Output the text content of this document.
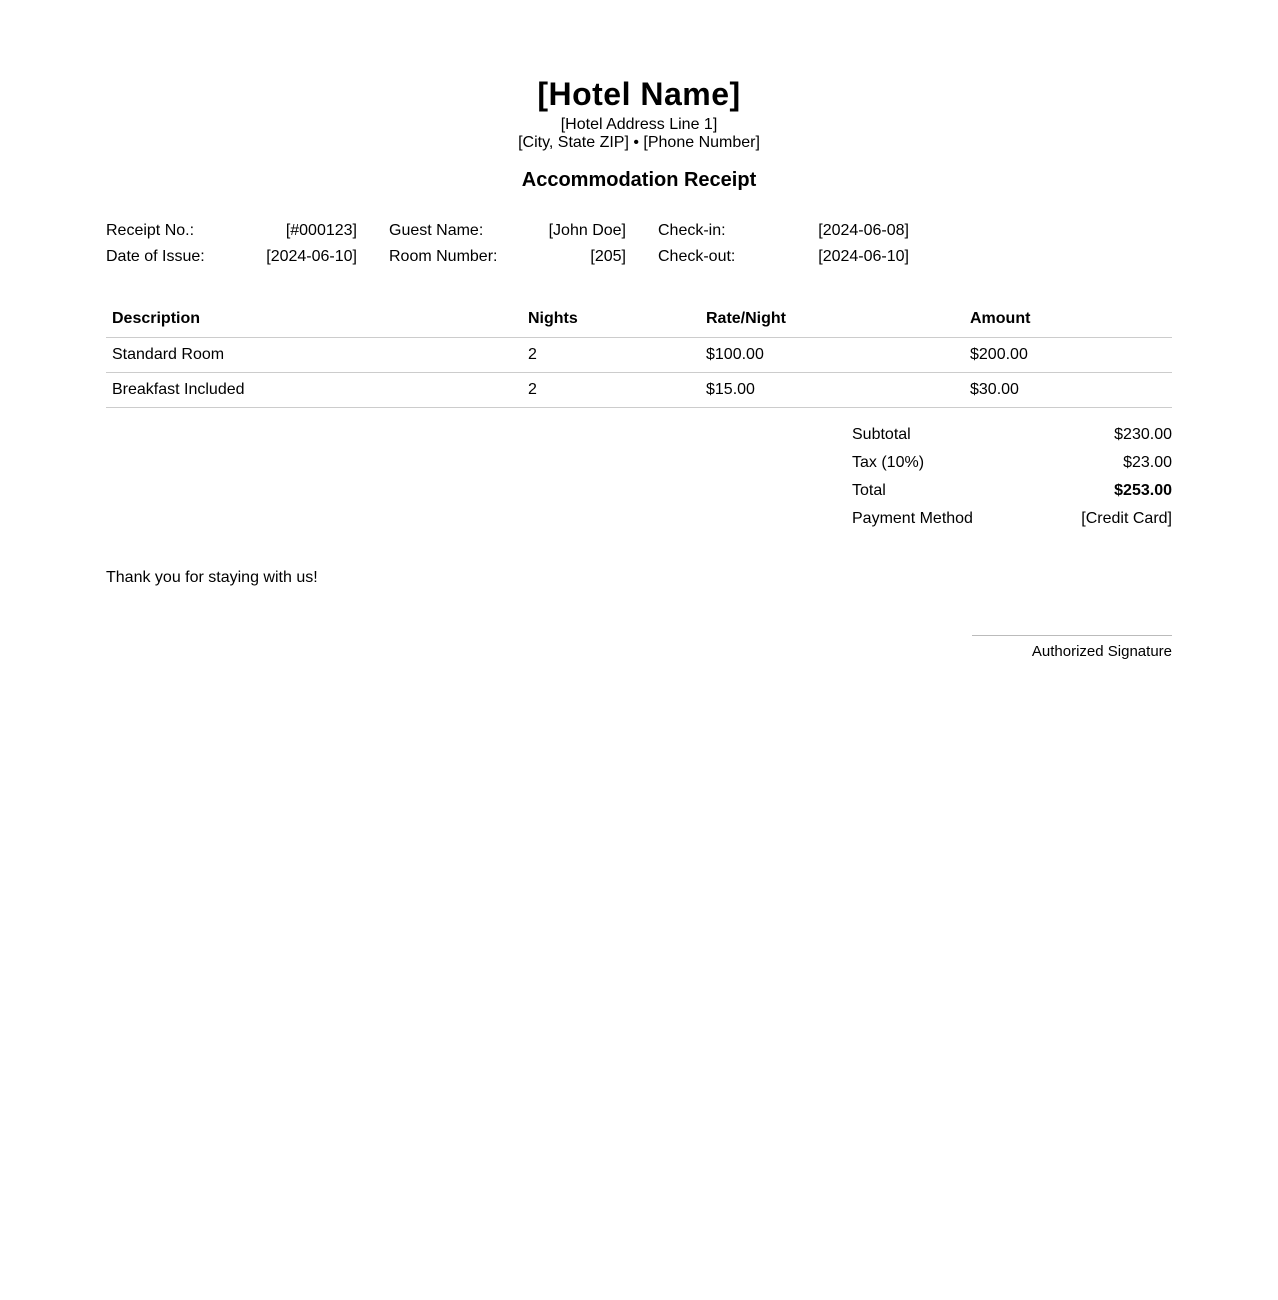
[Hotel Name]
[Hotel Address Line 1]
[City, State ZIP] • [Phone Number]
Accommodation Receipt
Receipt No.:	[#000123] Guest Name:	[John Doe] Check-in:	[2024-06-08]
Date of Issue:	[2024-06-10] Room Number:	[205] Check-out:	[2024-06-10]
Description	Nights	Rate/Night	Amount
Standard Room	2	$100.00	$200.00
Breakfast Included	2	$15.00	$30.00
Subtotal	$230.00
Tax (10%)	$23.00
Total	$253.00
Payment Method	[Credit Card]
Thank you for staying with us!
Authorized Signature
